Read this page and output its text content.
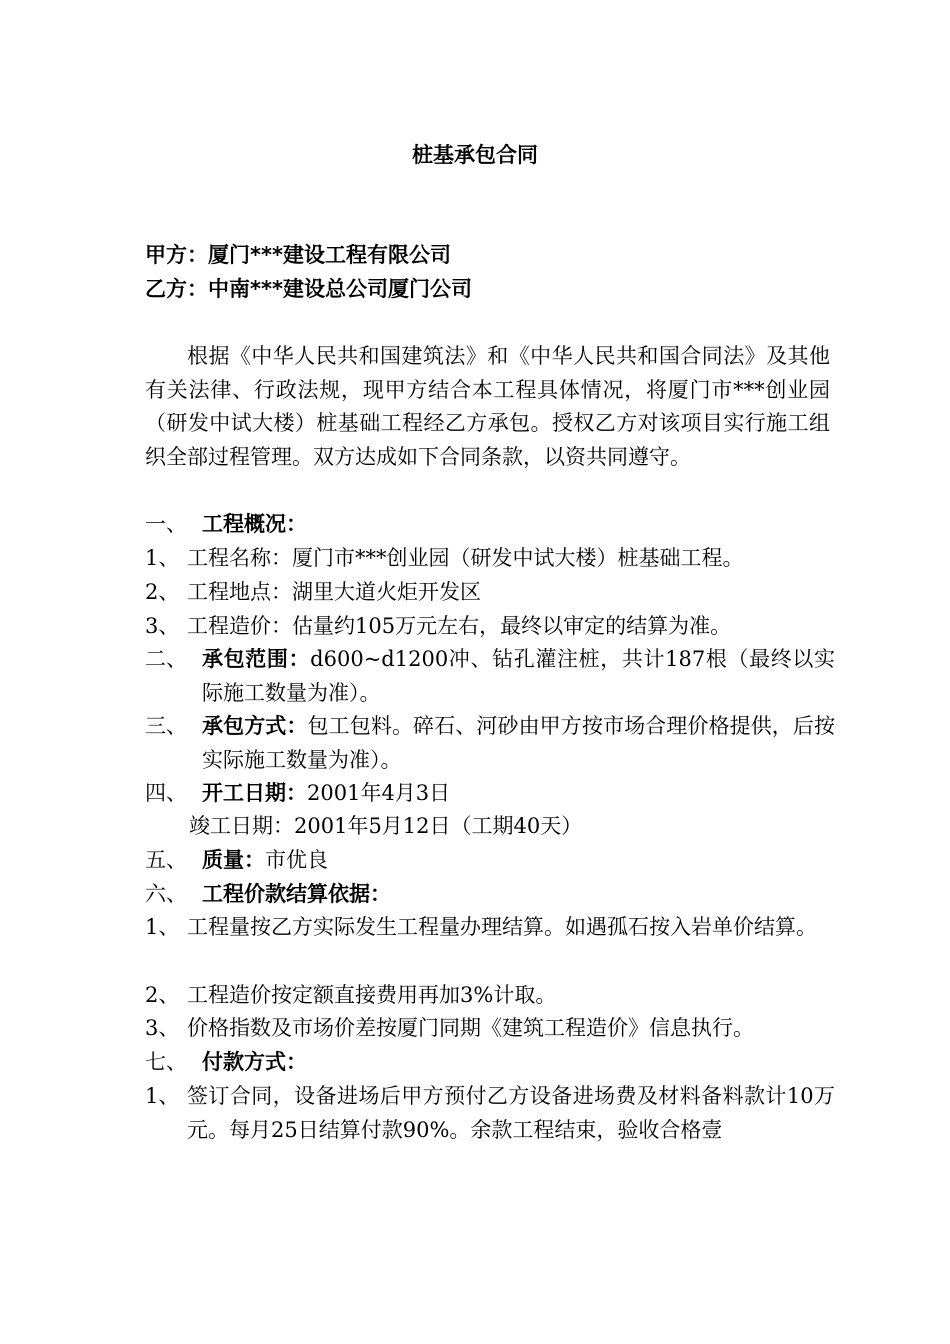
桩基承包合同
甲方：厦门***建设工程有限公司
乙方：中南***建设总公司厦门公司
根据《中华人民共和国建筑法》和《中华人民共和国合同法》及其他有关法律、行政法规，现甲方结合本工程具体情况，将厦门市***创业园（研发中试大楼）桩基础工程经乙方承包。授权乙方对该项目实行施工组织全部过程管理。双方达成如下合同条款，以资共同遵守。
一、 工程概况：
1、 工程名称：厦门市***创业园（研发中试大楼）桩基础工程。
2、 工程地点：湖里大道火炬开发区
3、 工程造价：估量约105万元左右，最终以审定的结算为准。
二、 承包范围：d600~d1200冲、钻孔灌注桩，共计187根（最终以实际施工数量为准）。
三、 承包方式：包工包料。碎石、河砂由甲方按市场合理价格提供，后按实际施工数量为准）。
四、 开工日期：2001年4月3日
竣工日期：2001年5月12日（工期40天）
五、 质量：市优良
六、 工程价款结算依据：
1、 工程量按乙方实际发生工程量办理结算。如遇孤石按入岩单价结算。
2、 工程造价按定额直接费用再加3%计取。
3、 价格指数及市场价差按厦门同期《建筑工程造价》信息执行。
七、 付款方式：
1、 签订合同，设备进场后甲方预付乙方设备进场费及材料备料款计10万元。每月25日结算付款90%。余款工程结束，验收合格壹
